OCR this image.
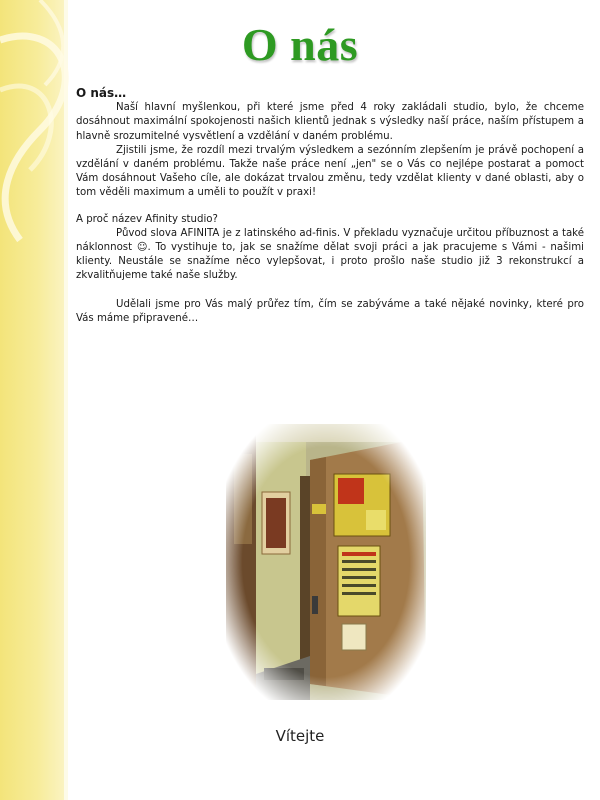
O nás

O nás…

Naší hlavní myšlenkou, při které jsme před 4 roky zakládali studio, bylo, že chceme dosáhnout maximální spokojenosti našich klientů jednak s výsledky naší práce, naším přístupem a hlavně srozumitelné vysvětlení a vzdělání v daném problému.

Zjistili jsme, že rozdíl mezi trvalým výsledkem a sezónním zlepšením je právě pochopení a vzdělání v daném problému. Takže naše práce není „jen" se o Vás co nejlépe postarat a pomoct Vám dosáhnout Vašeho cíle, ale dokázat trvalou změnu, tedy vzdělat klienty v dané oblasti, aby o tom věděli maximum a uměli to použít v praxi!

A proč název Afinity studio?

Původ slova AFINITA je z latinského ad-finis. V překladu vyznačuje určitou příbuznost a také náklonnost ☺. To vystihuje to, jak se snažíme dělat svoji práci a jak pracujeme s Vámi - našimi klienty. Neustále se snažíme něco vylepšovat, i proto prošlo naše studio již 3 rekonstrukcí a zkvalitňujeme také naše služby.

Udělali jsme pro Vás malý průřez tím, čím se zabýváme a také nějaké novinky, které pro Vás máme připravené…

Vítejte
